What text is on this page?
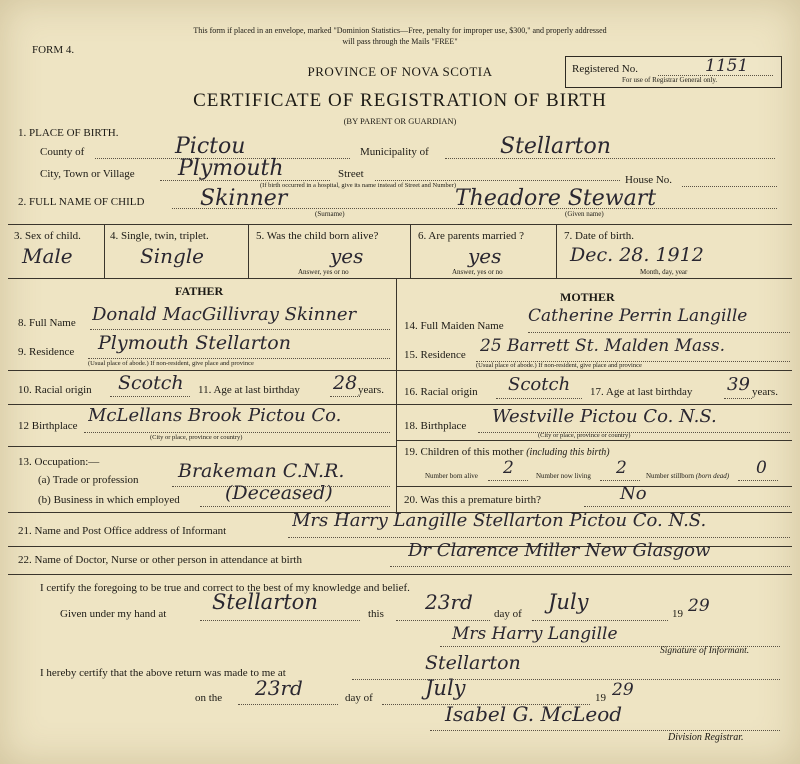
This form if placed in an envelope, marked "Dominion Statistics—Free, penalty for improper use, $300," and properly addressed
will pass through the Mails "FREE"
FORM 4.
PROVINCE OF NOVA SCOTIA
CERTIFICATE OF REGISTRATION OF BIRTH
(BY PARENT OR GUARDIAN)
Registered No.	1151
For use of Registrar General only.
1. PLACE OF BIRTH.
County of	Pictou	Municipality of	Stellarton
City, Town or Village Plymouth	Street	House No.
(If birth occurred in a hospital, give its name instead of Street and Number)
2. FULL NAME OF CHILD	Skinner	Theadore Stewart
(Surname)	(Given name)
3. Sex of child.
Male
4. Single, twin, triplet.
Single
5. Was the child born alive?
yes
Answer, yes or no
6. Are parents married ?
yes
Answer, yes or no
7. Date of birth.
Dec. 28. 1912
Month, day, year
FATHER	MOTHER
8. Full Name Donald MacGillivray Skinner
9. Residence Plymouth Stellarton
(Usual place of abode.) If non-resident, give place and province
10. Racial origin Scotch 11. Age at last birthday 28 years.
12 Birthplace McLellans Brook Pictou Co.
(City or place, province or country)
13. Occupation:—
(a) Trade or profession Brakeman C.N.R.
(b) Business in which employed (Deceased)
14. Full Maiden Name Catherine Perrin Langille
15. Residence 25 Barrett St. Malden Mass.
(Usual place of abode.) If non-resident, give place and province
16. Racial origin Scotch 17. Age at last birthday 39 years.
18. Birthplace Westville Pictou Co. N.S.
(City or place, province or country)
19. Children of this mother (including this birth)
Number born alive 2	Number now living 2	Number stillborn (born dead) 0
20. Was this a premature birth?	No
21. Name and Post Office address of Informant	Mrs Harry Langille Stellarton Pictou Co. N.S.
22. Name of Doctor, Nurse or other person in attendance at birth	Dr Clarence Miller New Glasgow
I certify the foregoing to be true and correct to the best of my knowledge and belief.
Given under my hand at Stellarton	this 23rd day of July	19 29
Mrs Harry Langille
Signature of Informant.
I hereby certify that the above return was made to me at	Stellarton
on the 23rd	day of July	19 29
Isabel G. McLeod
Division Registrar.
